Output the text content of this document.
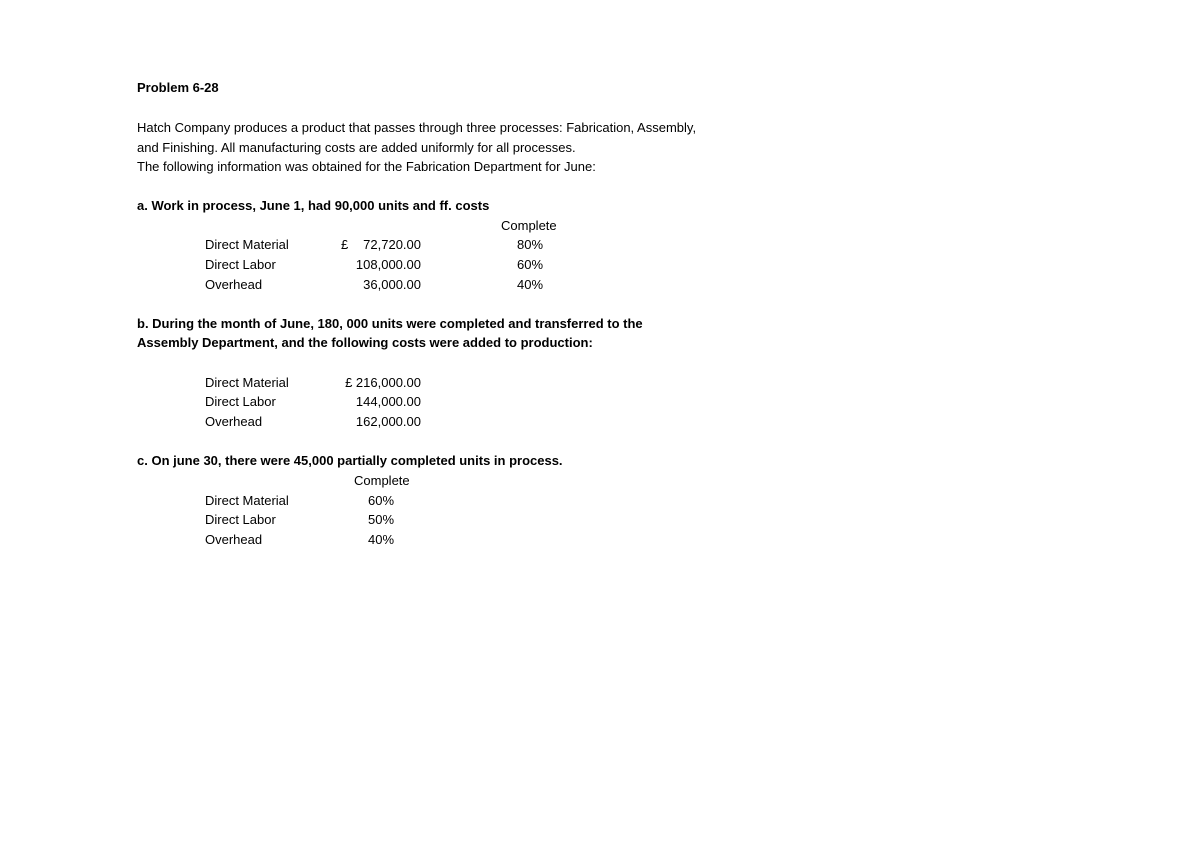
Problem 6-28
Hatch Company produces a product that passes through three processes: Fabrication, Assembly,
and Finishing. All manufacturing costs are added uniformly for all processes.
The following information was obtained for the Fabrication Department for June:
a. Work in process, June 1, had 90,000 units and ff. costs
Complete
Direct Material	£	72,720.00	80%
Direct Labor	108,000.00	60%
Overhead	36,000.00	40%
b. During the month of June, 180, 000 units were completed and transferred to the
Assembly Department, and the following costs were added to production:
Direct Material	£ 216,000.00
Direct Labor	144,000.00
Overhead	162,000.00
c. On june 30, there were 45,000 partially completed units in process.
Complete
Direct Material	60%
Direct Labor	50%
Overhead	40%
